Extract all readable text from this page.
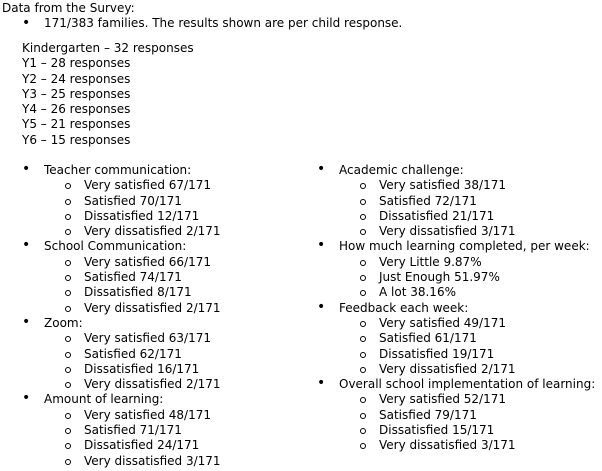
Data from the Survey:
• 171/383 families. The results shown are per child response.
Kindergarten – 32 responses
Y1 – 28 responses
Y2 – 24 responses
Y3 – 25 responses
Y4 – 26 responses
Y5 – 21 responses
Y6 – 15 responses
• Teacher communication:
Very satisfied 67/171
Satisfied 70/171
Dissatisfied 12/171
Very dissatisfied 2/171
• School Communication:
Very satisfied 66/171
Satisfied 74/171
Dissatisfied 8/171
Very dissatisfied 2/171
• Zoom:
Very satisfied 63/171
Satisfied 62/171
Dissatisfied 16/171
Very dissatisfied 2/171
• Amount of learning:
Very satisfied 48/171
Satisfied 71/171
Dissatisfied 24/171
Very dissatisfied 3/171
• Academic challenge:
Very satisfied 38/171
Satisfied 72/171
Dissatisfied 21/171
Very dissatisfied 3/171
• How much learning completed, per week:
Very Little 9.87%
Just Enough 51.97%
A lot 38.16%
• Feedback each week:
Very satisfied 49/171
Satisfied 61/171
Dissatisfied 19/171
Very dissatisfied 2/171
• Overall school implementation of learning:
Very satisfied 52/171
Satisfied 79/171
Dissatisfied 15/171
Very dissatisfied 3/171
